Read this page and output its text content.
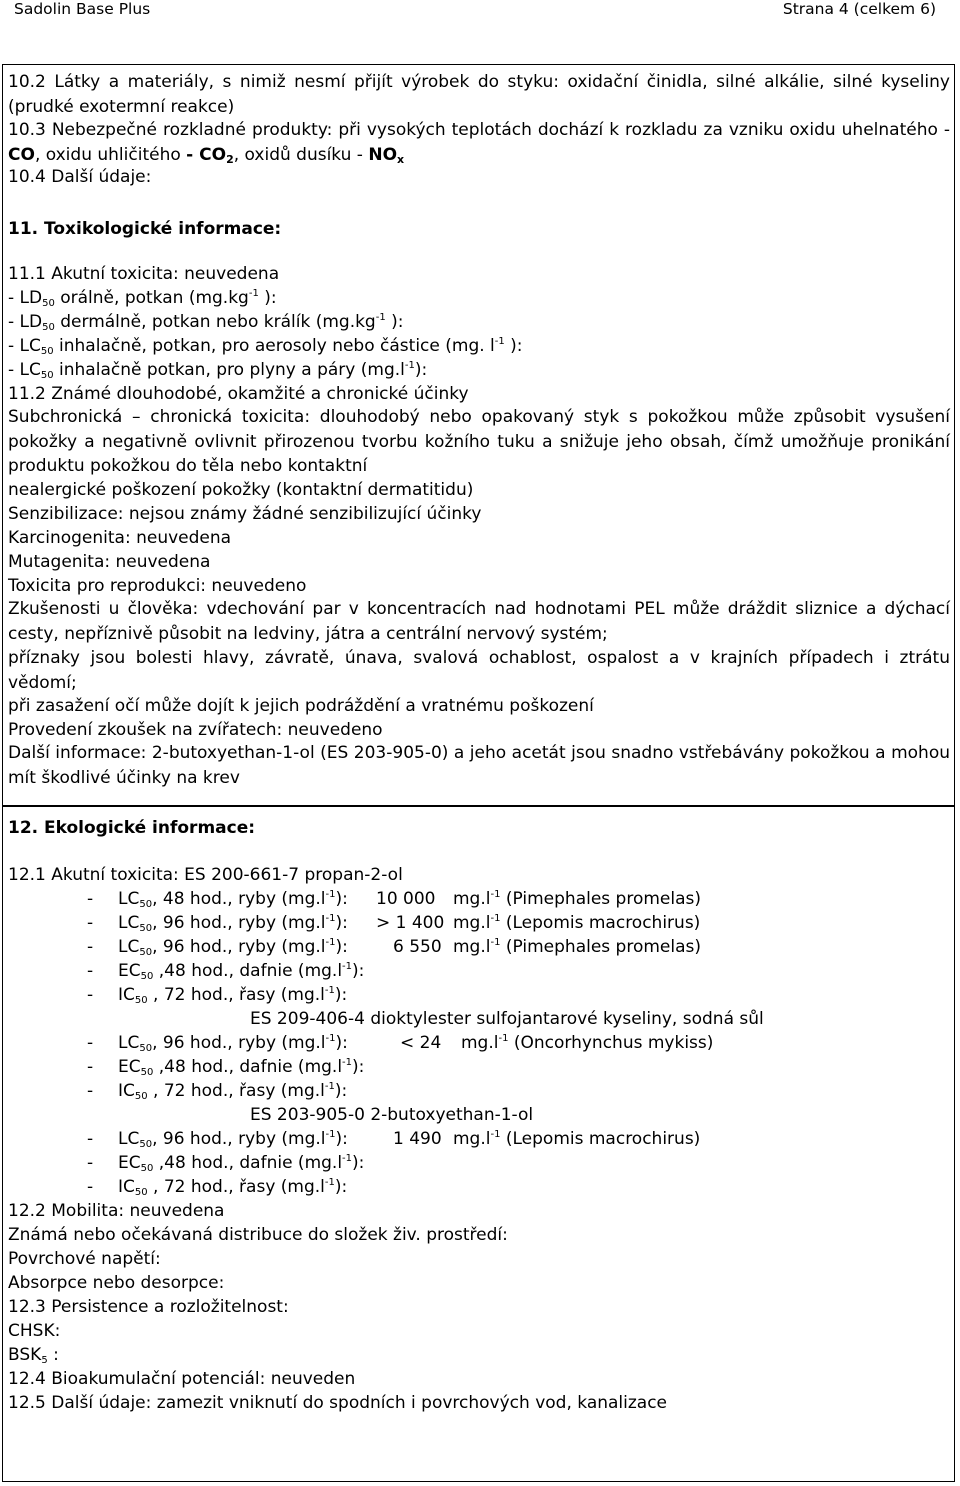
Sadolin Base Plus	Strana 4 (celkem 6)
10.2 Látky a materiály, s nimiž nesmí přijít výrobek do styku: oxidační činidla, silné alkálie, silné kyseliny (prudké exotermní reakce)
10.3 Nebezpečné rozkladné produkty: při vysokých teplotách dochází k rozkladu za vzniku oxidu uhelnatého - CO, oxidu uhličitého - CO2, oxidů dusíku - NOx
10.4 Další údaje:
11. Toxikologické informace:
11.1 Akutní toxicita: neuvedena
- $LD_{50}$ orálně, potkan ($mg.kg^{-1}$ ):
- $LD_{50}$ dermálně, potkan nebo králík ($mg.kg^{-1}$ ):
- $LC_{50}$ inhalačně, potkan, pro aerosoly nebo částice (mg. $l^{-1}$ ):
- $LC_{50}$ inhalačně potkan, pro plyny a páry $(mg.l^{-1})$:
11.2 Známé dlouhodobé, okamžité a chronické účinky
Subchronická – chronická toxicita: dlouhodobý nebo opakovaný styk s pokožkou může způsobit vysušení pokožky a negativně ovlivnit přirozenou tvorbu kožního tuku a snižuje jeho obsah, čímž umožňuje pronikání produktu pokožkou do těla nebo kontaktní
nealergické poškození pokožky (kontaktní dermatitidu)
Senzibilizace: nejsou známy žádné senzibilizující účinky
Karcinogenita: neuvedena
Mutagenita: neuvedena
Toxicita pro reprodukci: neuvedeno
Zkušenosti u člověka: vdechování par v koncentracích nad hodnotami PEL může dráždit sliznice a dýchací cesty, nepříznivě působit na ledviny, játra a centrální nervový systém;
příznaky jsou bolesti hlavy, závratě, únava, svalová ochablost, ospalost a v krajních případech i ztrátu vědomí;
při zasažení očí může dojít k jejich podráždění a vratnému poškození
Provedení zkoušek na zvířatech: neuvedeno
Další informace: 2-butoxyethan-1-ol (ES 203-905-0) a jeho acetát jsou snadno vstřebávány pokožkou a mohou mít škodlivé účinky na krev
12. Ekologické informace:
12.1 Akutní toxicita: ES 200-661-7 propan-2-ol
- $LC_{50}$, 48 hod., ryby $(mg.l^{-1})$: 10 000 $mg.l^{-1}$ (Pimephales promelas)
- $LC_{50}$, 96 hod., ryby $(mg.l^{-1})$: > 1 400 $mg.l^{-1}$ (Lepomis macrochirus)
- $LC_{50}$, 96 hod., ryby $(mg.l^{-1})$:	6 550 $mg.l^{-1}$ (Pimephales promelas)
- $EC_{50}$ ,48 hod., dafnie $(mg.l^{-1})$:
- $IC_{50}$ , 72 hod., řasy $(mg.l^{-1})$:
ES 209-406-4 dioktylester sulfojantarové kyseliny, sodná sůl
- $LC_{50}$, 96 hod., ryby $(mg.l^{-1})$:	< 24 $mg.l^{-1}$ (Oncorhynchus mykiss)
- $EC_{50}$ ,48 hod., dafnie $(mg.l^{-1})$:
- $IC_{50}$ , 72 hod., řasy $(mg.l^{-1})$:
ES 203-905-0 2-butoxyethan-1-ol
- $LC_{50}$, 96 hod., ryby $(mg.l^{-1})$:	1 490 $mg.l^{-1}$ (Lepomis macrochirus)
- $EC_{50}$ ,48 hod., dafnie $(mg.l^{-1})$:
- $IC_{50}$ , 72 hod., řasy $(mg.l^{-1})$:
12.2 Mobilita: neuvedena
Známá nebo očekávaná distribuce do složek živ. prostředí:
Povrchové napětí:
Absorpce nebo desorpce:
12.3 Persistence a rozložitelnost:
CHSK:
$BSK_5$ :
12.4 Bioakumulační potenciál: neuveden
12.5 Další údaje: zamezit vniknutí do spodních i povrchových vod, kanalizace
